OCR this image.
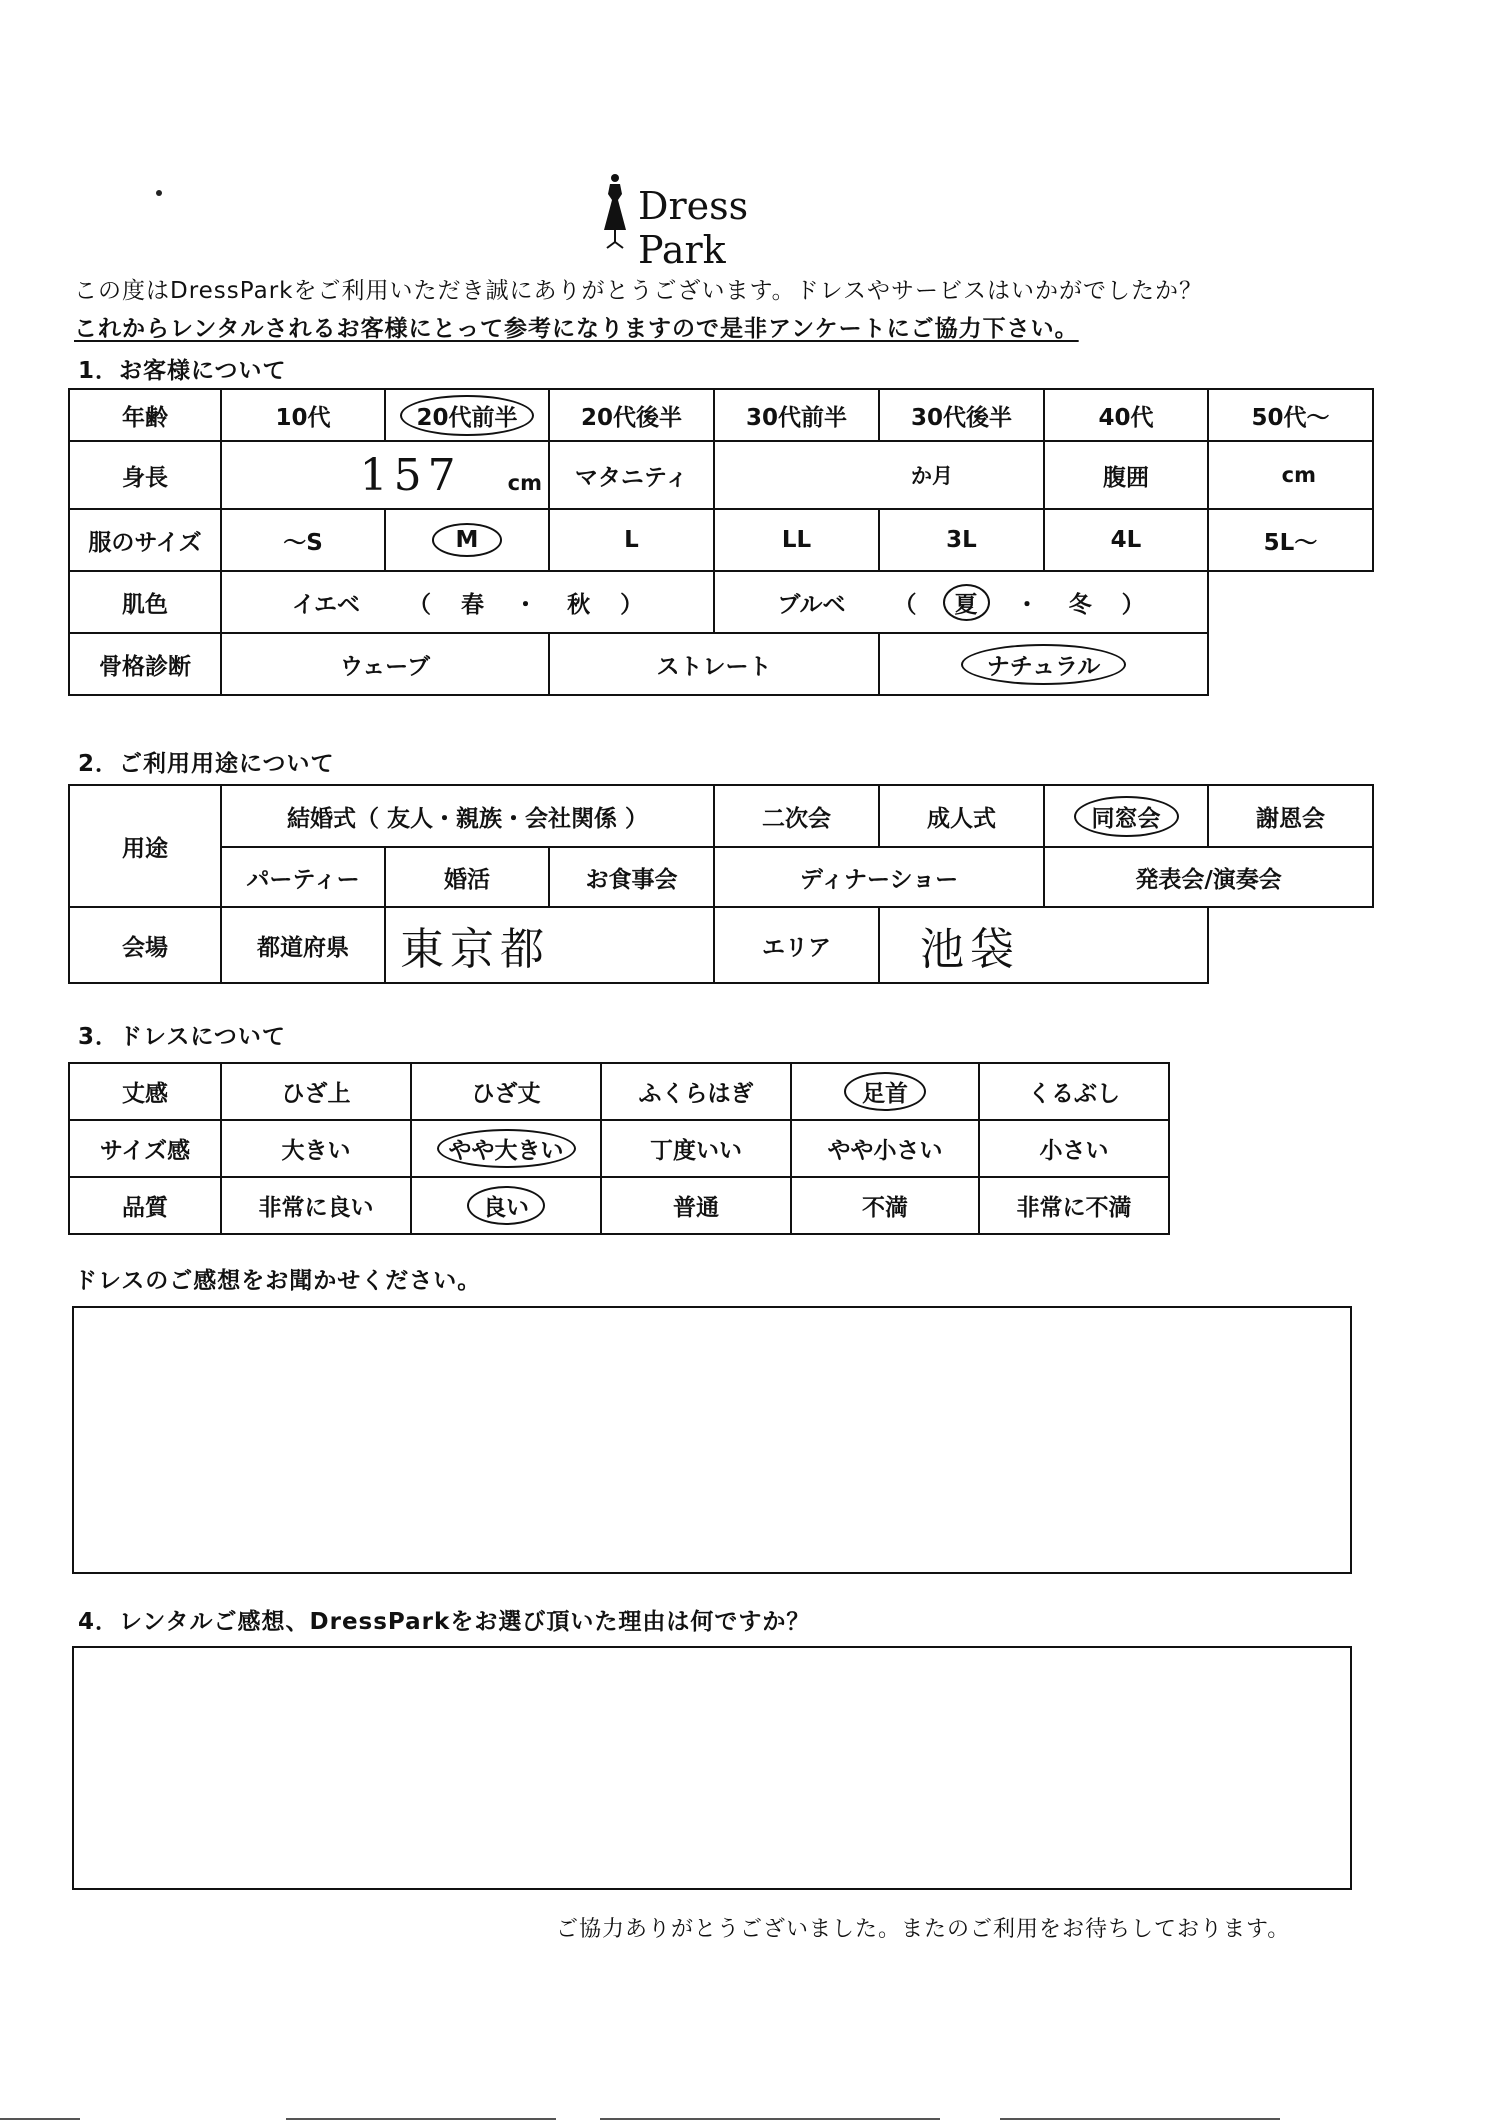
Dress Park
この度はDressParkをご利用いただき誠にありがとうございます。ドレスやサービスはいかがでしたか？
これからレンタルされるお客様にとって参考になりますので是非アンケートにご協力下さい。
1．お客様について
年齢	10代	20代前半	20代後半	30代前半	30代後半	40代	50代～
身長	157 cm		マタニティ	か月		腹囲	cm
服のサイズ	～S	M	L	LL	3L	4L	5L～
肌色	イエベ （ 春 ・ 秋 ）			ブルベ （ 夏 ・ 冬 ）			
骨格診断	ウェーブ		ストレート		ナチュラル		
2．ご利用用途について
用途	結婚式（ 友人・親族・会社関係 ）			二次会	成人式	同窓会	謝恩会
	パーティー	婚活	お食事会	ディナーショー		発表会/演奏会	
会場	都道府県	東京都		エリア	池袋		
3．ドレスについて
丈感	ひざ上	ひざ丈	ふくらはぎ	足首	くるぶし
サイズ感	大きい	やや大きい	丁度いい	やや小さい	小さい
品質	非常に良い	良い	普通	不満	非常に不満
ドレスのご感想をお聞かせください。
4．レンタルご感想、DressParkをお選び頂いた理由は何ですか？
ご協力ありがとうございました。またのご利用をお待ちしております。
